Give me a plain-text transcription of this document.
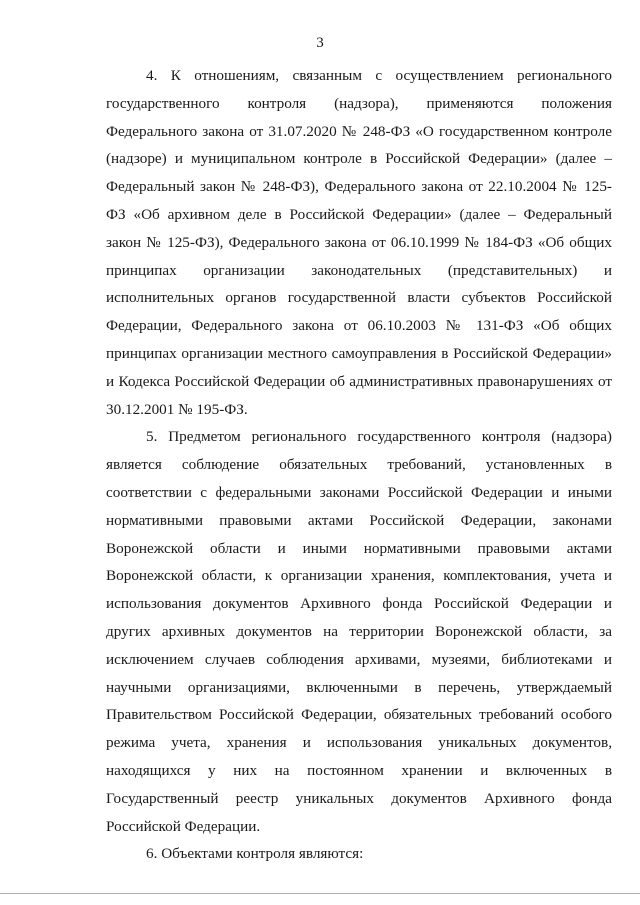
3
4. К отношениям, связанным с осуществлением регионального
государственного контроля (надзора), применяются положения
Федерального закона от 31.07.2020 № 248-ФЗ «О государственном контроле
(надзоре) и муниципальном контроле в Российской Федерации» (далее –
Федеральный закон № 248-ФЗ), Федерального закона от 22.10.2004 № 125-
ФЗ «Об архивном деле в Российской Федерации» (далее – Федеральный
закон № 125-ФЗ), Федерального закона от 06.10.1999 № 184-ФЗ «Об общих
принципах организации законодательных (представительных) и
исполнительных органов государственной власти субъектов Российской
Федерации, Федерального закона от 06.10.2003 № 131-ФЗ «Об общих
принципах организации местного самоуправления в Российской Федерации»
и Кодекса Российской Федерации об административных правонарушениях от
30.12.2001 № 195-ФЗ.
5. Предметом регионального государственного контроля (надзора)
является соблюдение обязательных требований, установленных в
соответствии с федеральными законами Российской Федерации и иными
нормативными правовыми актами Российской Федерации, законами
Воронежской области и иными нормативными правовыми актами
Воронежской области, к организации хранения, комплектования, учета и
использования документов Архивного фонда Российской Федерации и
других архивных документов на территории Воронежской области, за
исключением случаев соблюдения архивами, музеями, библиотеками и
научными организациями, включенными в перечень, утверждаемый
Правительством Российской Федерации, обязательных требований особого
режима учета, хранения и использования уникальных документов,
находящихся у них на постоянном хранении и включенных в
Государственный реестр уникальных документов Архивного фонда
Российской Федерации.
6. Объектами контроля являются:
